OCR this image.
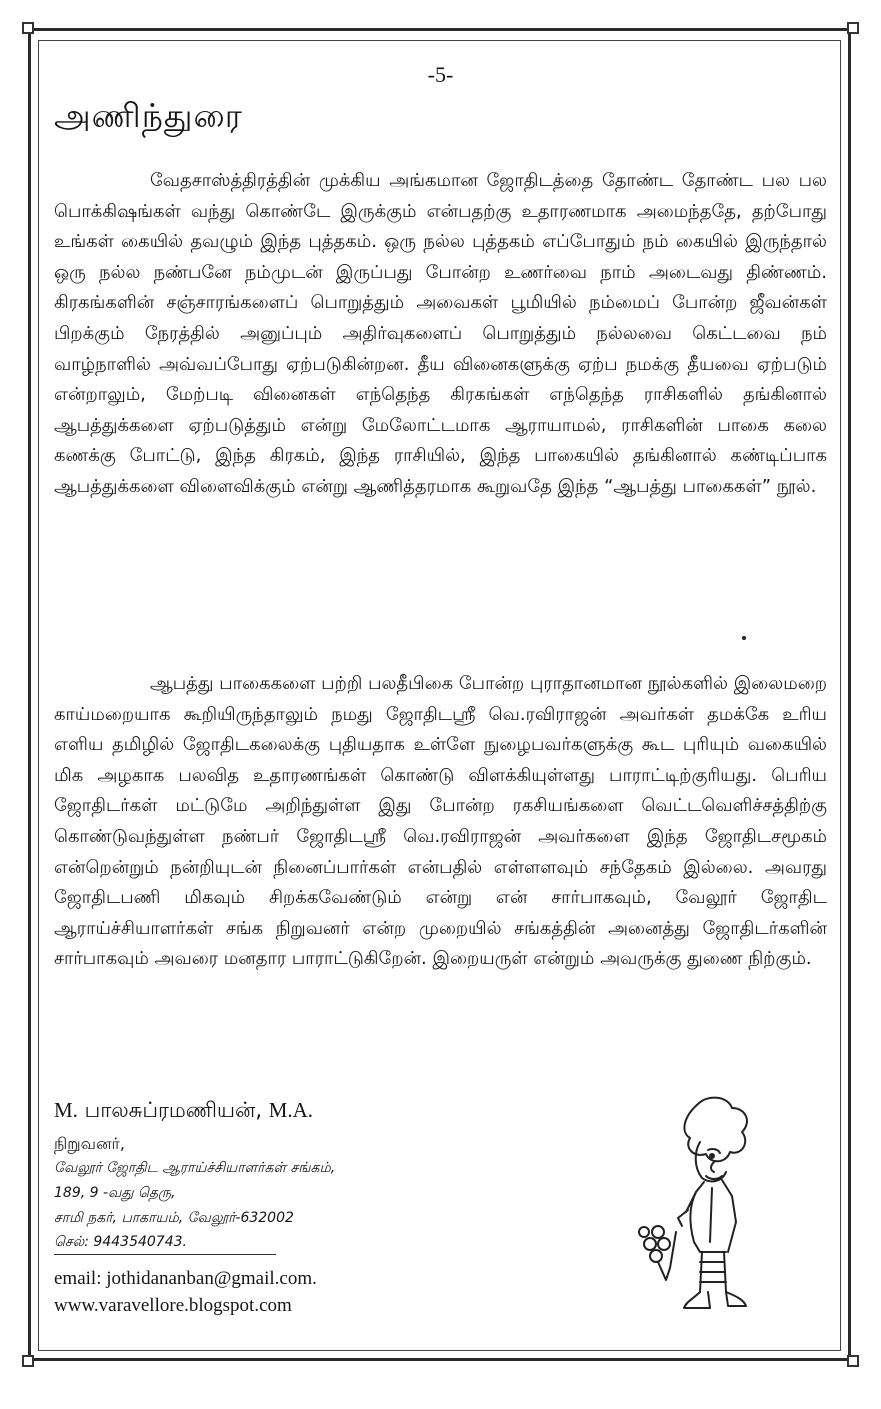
-5-
அணிந்துரை

வேதசாஸ்த்திரத்தின் முக்கிய அங்கமான ஜோதிடத்தை தோண்ட தோண்ட பல பல பொக்கிஷங்கள் வந்து கொண்டே இருக்கும் என்பதற்கு உதாரணமாக அமைந்ததே, தற்போது உங்கள் கையில் தவழும் இந்த புத்தகம். ஒரு நல்ல புத்தகம் எப்போதும் நம் கையில் இருந்தால் ஒரு நல்ல நண்பனே நம்முடன் இருப்பது போன்ற உணர்வை நாம் அடைவது திண்ணம். கிரகங்களின் சஞ்சாரங்களைப் பொறுத்தும் அவைகள் பூமியில் நம்மைப் போன்ற ஜீவன்கள் பிறக்கும் நேரத்தில் அனுப்பும் அதிர்வுகளைப் பொறுத்தும் நல்லவை கெட்டவை நம் வாழ்நாளில் அவ்வப்போது ஏற்படுகின்றன. தீய வினைகளுக்கு ஏற்ப நமக்கு தீயவை ஏற்படும் என்றாலும், மேற்படி வினைகள் எந்தெந்த கிரகங்கள் எந்தெந்த ராசிகளில் தங்கினால் ஆபத்துக்களை ஏற்படுத்தும் என்று மேலோட்டமாக ஆராயாமல், ராசிகளின் பாகை கலை கணக்கு போட்டு, இந்த கிரகம், இந்த ராசியில், இந்த பாகையில் தங்கினால் கண்டிப்பாக ஆபத்துக்களை விளைவிக்கும் என்று ஆணித்தரமாக கூறுவதே இந்த “ஆபத்து பாகைகள்” நூல்.

ஆபத்து பாகைகளை பற்றி பலதீபிகை போன்ற புராதானமான நூல்களில் இலைமறை காய்மறையாக கூறியிருந்தாலும் நமது ஜோதிடஸ்ரீ வெ.ரவிராஜன் அவர்கள் தமக்கே உரிய எளிய தமிழில் ஜோதிடகலைக்கு புதியதாக உள்ளே நுழைபவர்களுக்கு கூட புரியும் வகையில் மிக அழகாக பலவித உதாரணங்கள் கொண்டு விளக்கியுள்ளது பாராட்டிற்குரியது. பெரிய ஜோதிடர்கள் மட்டுமே அறிந்துள்ள இது போன்ற ரகசியங்களை வெட்டவெளிச்சத்திற்கு கொண்டுவந்துள்ள நண்பர் ஜோதிடஸ்ரீ வெ.ரவிராஜன் அவர்களை இந்த ஜோதிடசமூகம் என்றென்றும் நன்றியுடன் நினைப்பார்கள் என்பதில் எள்ளளவும் சந்தேகம் இல்லை. அவரது ஜோதிடபணி மிகவும் சிறக்கவேண்டும் என்று என் சார்பாகவும், வேலூர் ஜோதிட ஆராய்ச்சியாளர்கள் சங்க நிறுவனர் என்ற முறையில் சங்கத்தின் அனைத்து ஜோதிடர்களின் சார்பாகவும் அவரை மனதார பாராட்டுகிறேன். இறையருள் என்றும் அவருக்கு துணை நிற்கும்.

M. பாலசுப்ரமணியன், M.A.
நிறுவனர்,
வேலூர் ஜோதிட ஆராய்ச்சியாளர்கள் சங்கம்,
189, 9 -வது தெரு,
சாமி நகர், பாகாயம், வேலூர்-632002
செல்: 9443540743.
email: jothidananban@gmail.com.
www.varavellore.blogspot.com
